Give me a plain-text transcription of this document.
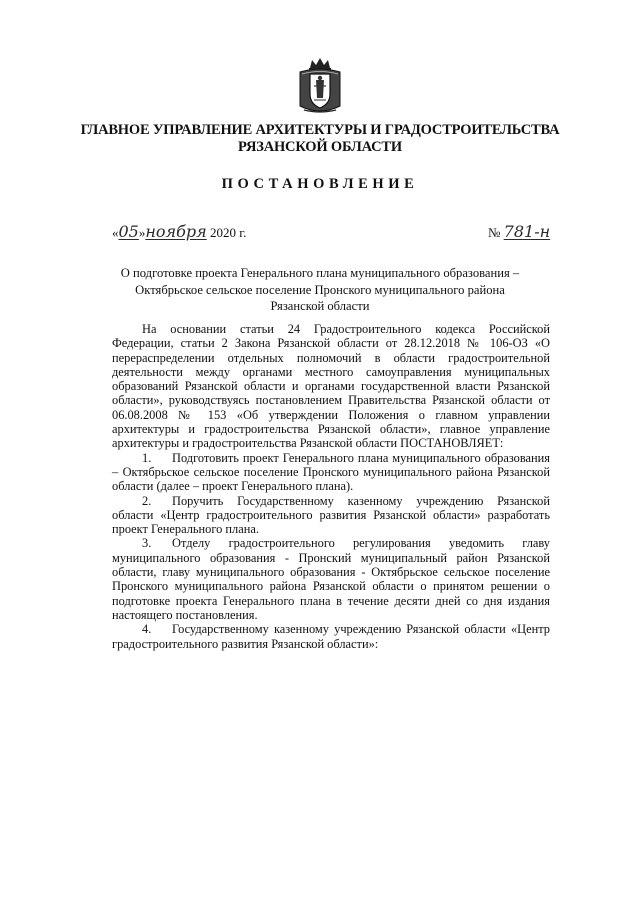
ГЛАВНОЕ УПРАВЛЕНИЕ АРХИТЕКТУРЫ И ГРАДОСТРОИТЕЛЬСТВА
РЯЗАНСКОЙ ОБЛАСТИ
ПОСТАНОВЛЕНИЕ
«05»ноября 2020 г.	№ 781-н
О подготовке проекта Генерального плана муниципального образования –
Октябрьское сельское поселение Пронского муниципального района
Рязанской области

На основании статьи 24 Градостроительного кодекса Российской Федерации, статьи 2 Закона Рязанской области от 28.12.2018 № 106-ОЗ «О перераспределении отдельных полномочий в области градостроительной деятельности между органами местного самоуправления муниципальных образований Рязанской области и органами государственной власти Рязанской области», руководствуясь постановлением Правительства Рязанской области от 06.08.2008 № 153 «Об утверждении Положения о главном управлении архитектуры и градостроительства Рязанской области», главное управление архитектуры и градостроительства Рязанской области ПОСТАНОВЛЯЕТ:

1. Подготовить проект Генерального плана муниципального образования – Октябрьское сельское поселение Пронского муниципального района Рязанской области (далее – проект Генерального плана).

2. Поручить Государственному казенному учреждению Рязанской области «Центр градостроительного развития Рязанской области» разработать проект Генерального плана.

3. Отделу градостроительного регулирования уведомить главу муниципального образования - Пронский муниципальный район Рязанской области, главу муниципального образования - Октябрьское сельское поселение Пронского муниципального района Рязанской области о принятом решении о подготовке проекта Генерального плана в течение десяти дней со дня издания настоящего постановления.

4. Государственному казенному учреждению Рязанской области «Центр градостроительного развития Рязанской области»:
